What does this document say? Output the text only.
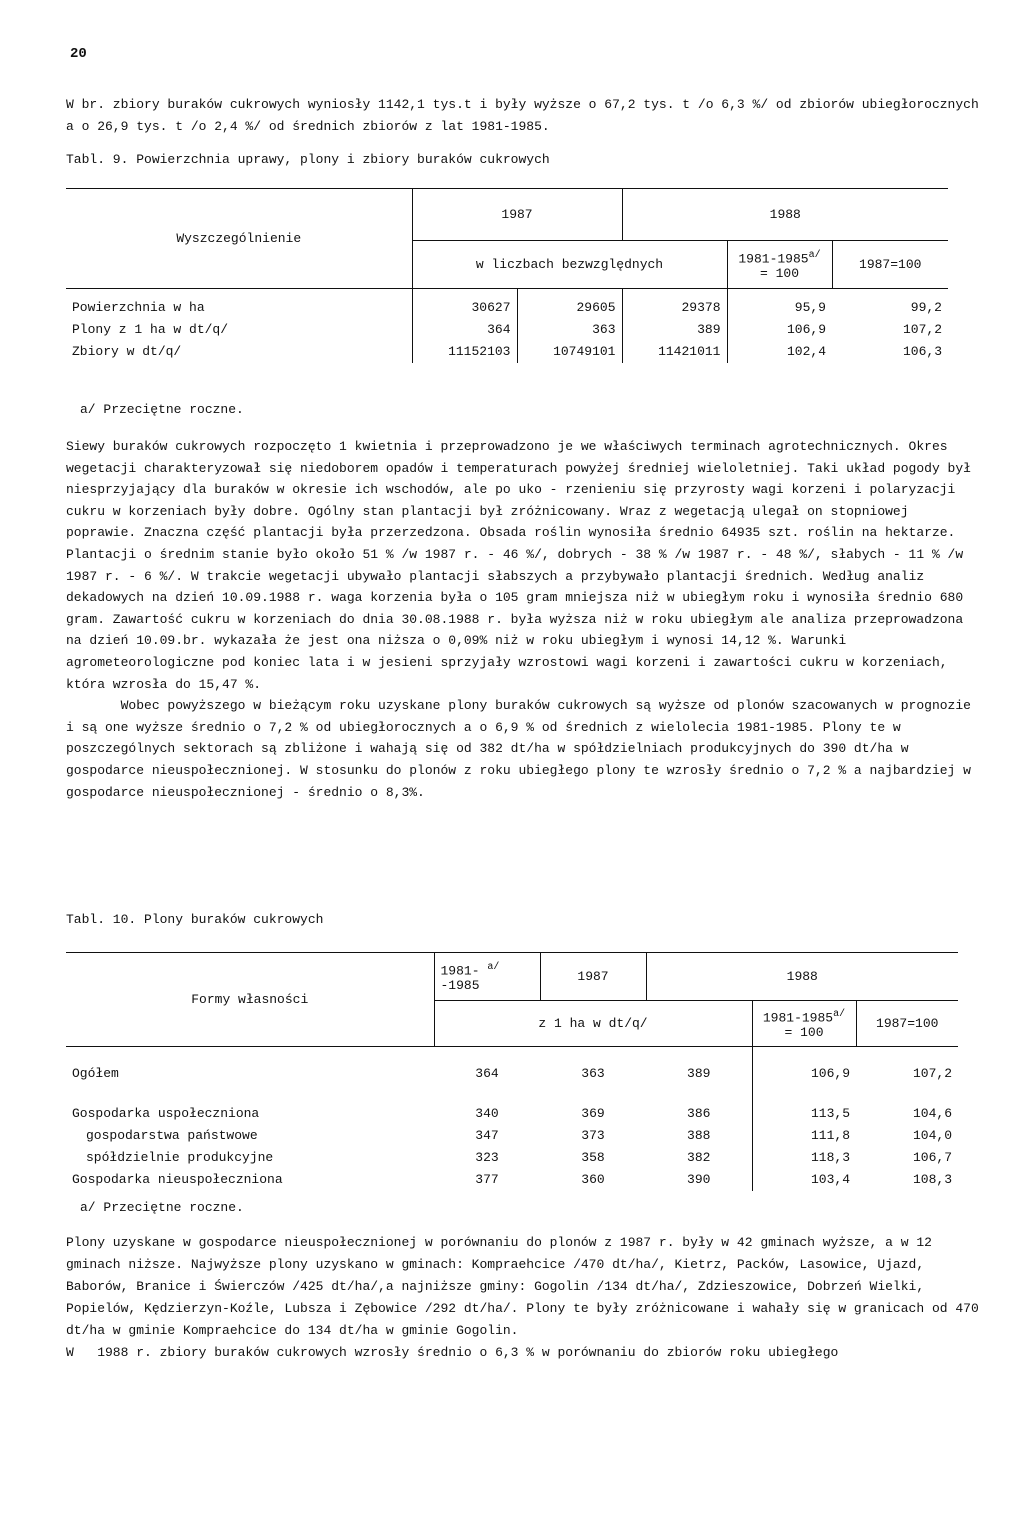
20

W br. zbiory buraków cukrowych wyniosły 1142,1 tys.t i były wyższe o 67,2 tys. t /o 6,3 %/ od zbiorów ubiegłorocznych a o 26,9 tys. t /o 2,4 %/ od średnich zbiorów z lat 1981-1985.

Tabl. 9. Powierzchnia uprawy, plony i zbiory buraków cukrowych
Wyszczególnienie	1987		1988		
	w liczbach bezwzględnych			$1981-1985^{a/}$
= 100	1987=100

Powierzchnia w ha	30627	29605	29378	95,9	99,2
Plony z 1 ha w dt/q/	364	363	389	106,9	107,2
Zbiory w dt/q/	11152103	10749101	11421011	102,4	106,3
a/ Przeciętne roczne.

Siewy buraków cukrowych rozpoczęto 1 kwietnia i przeprowadzono je we właściwych terminach agrotechnicznych. Okres wegetacji charakteryzował się niedoborem opadów i temperaturach powyżej średniej wieloletniej. Taki układ pogody był niesprzyjający dla buraków w okresie ich wschodów, ale po uko - rzenieniu się przyrosty wagi korzeni i polaryzacji cukru w korzeniach były dobre. Ogólny stan plantacji był zróżnicowany. Wraz z wegetacją ulegał on stopniowej poprawie. Znaczna część plantacji była przerzedzona. Obsada roślin wynosiła średnio 64935 szt. roślin na hektarze. Plantacji o średnim stanie było około 51 % /w 1987 r. - 46 %/, dobrych - 38 % /w 1987 r. - 48 %/, słabych - 11 % /w 1987 r. - 6 %/. W trakcie wegetacji ubywało plantacji słabszych a przybywało plantacji średnich. Według analiz dekadowych na dzień 10.09.1988 r. waga korzenia była o 105 gram mniejsza niż w ubiegłym roku i wynosiła średnio 680 gram. Zawartość cukru w korzeniach do dnia 30.08.1988 r. była wyższa niż w roku ubiegłym ale analiza przeprowadzona na dzień 10.09.br. wykazała że jest ona niższa o 0,09% niż w roku ubiegłym i wynosi 14,12 %. Warunki agrometeorologiczne pod koniec lata i w jesieni sprzyjały wzrostowi wagi korzeni i zawartości cukru w korzeniach, która wzrosła do 15,47 %.
Wobec powyższego w bieżącym roku uzyskane plony buraków cukrowych są wyższe od plonów szacowanych w prognozie i są one wyższe średnio o 7,2 % od ubiegłorocznych a o 6,9 % od średnich z wielolecia 1981-1985. Plony te w poszczególnych sektorach są zbliżone i wahają się od 382 dt/ha w spółdzielniach produkcyjnych do 390 dt/ha w gospodarce nieuspołecznionej. W stosunku do plonów z roku ubiegłego plony te wzrosły średnio o 7,2 % a najbardziej w gospodarce nieuspołecznionej - średnio o 8,3%.

Tabl. 10. Plony buraków cukrowych
Formy własności	1981- $^{a/}$
-1985	1987	1988		
	z 1 ha w dt/q/			$1981-1985^{a/}$
= 100	1987=100

Ogółem	364	363	389	106,9	107,2

Gospodarka uspołeczniona	340	369	386	113,5	104,6
gospodarstwa państwowe	347	373	388	111,8	104,0
spółdzielnie produkcyjne	323	358	382	118,3	106,7
Gospodarka nieuspołeczniona	377	360	390	103,4	108,3
a/ Przeciętne roczne.

Plony uzyskane w gospodarce nieuspołecznionej w porównaniu do plonów z 1987 r. były w 42 gminach wyższe, a w 12 gminach niższe. Najwyższe plony uzyskano w gminach: Kompraehcice /470 dt/ha/, Kietrz, Packów, Lasowice, Ujazd, Baborów, Branice i Świerczów /425 dt/ha/,a najniższe gminy: Gogolin /134 dt/ha/, Zdzieszowice, Dobrzeń Wielki, Popielów, Kędzierzyn-Koźle, Lubsza i Zębowice /292 dt/ha/. Plony te były zróżnicowane i wahały się w granicach od 470 dt/ha w gminie Kompraehcice do 134 dt/ha w gminie Gogolin.
W   1988 r. zbiory buraków cukrowych wzrosły średnio o 6,3 % w porównaniu do zbiorów roku ubiegłego
